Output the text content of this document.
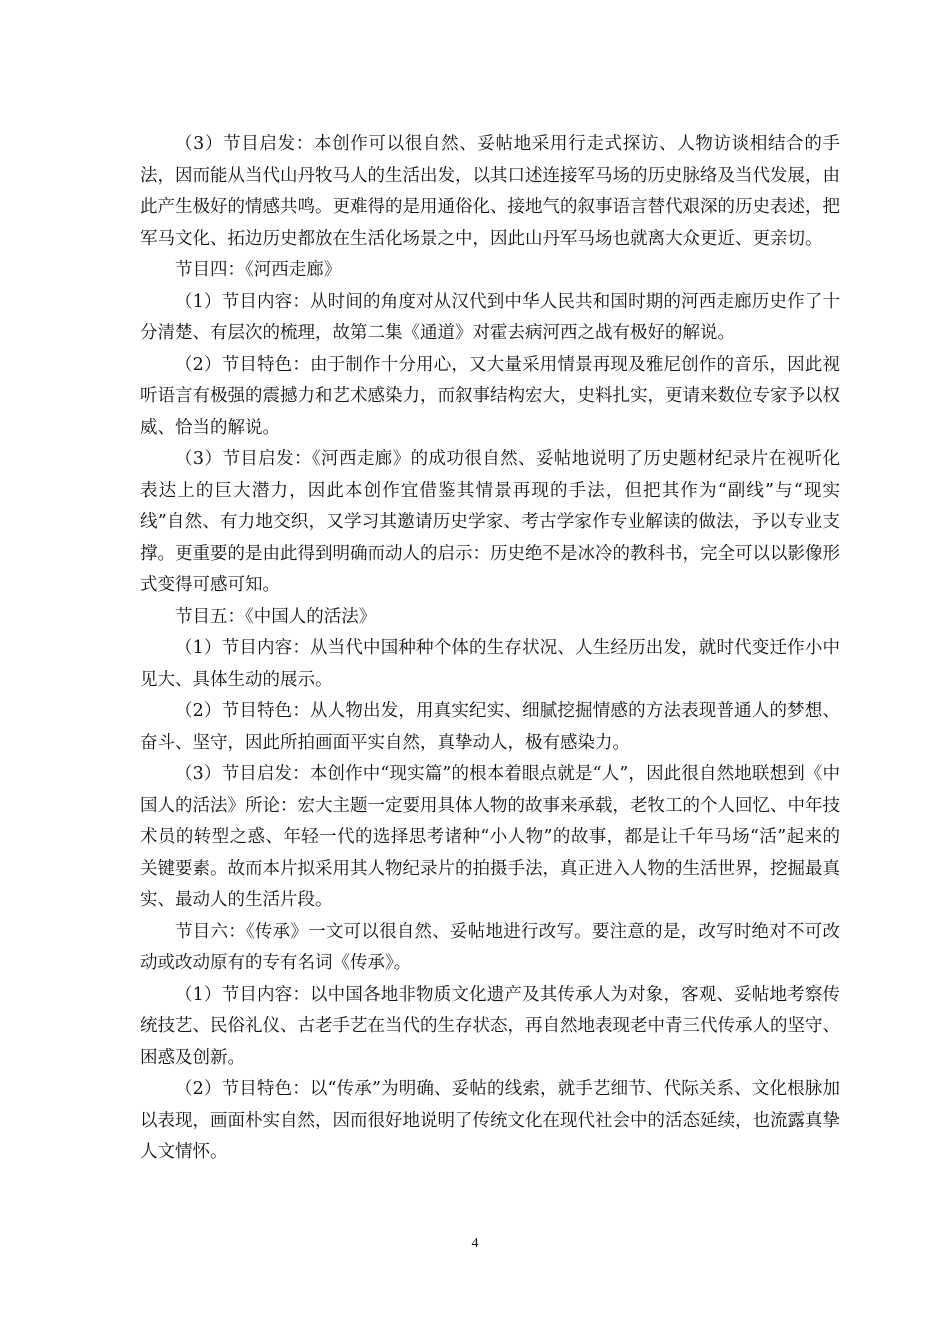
（3）节目启发：本创作可以很自然、妥帖地采用行走式探访、人物访谈相结合的手法，因而能从当代山丹牧马人的生活出发，以其口述连接军马场的历史脉络及当代发展，由此产生极好的情感共鸣。更难得的是用通俗化、接地气的叙事语言替代艰深的历史表述，把军马文化、拓边历史都放在生活化场景之中，因此山丹军马场也就离大众更近、更亲切。

节目四：《河西走廊》

（1）节目内容：从时间的角度对从汉代到中华人民共和国时期的河西走廊历史作了十分清楚、有层次的梳理，故第二集《通道》对霍去病河西之战有极好的解说。

（2）节目特色：由于制作十分用心，又大量采用情景再现及雅尼创作的音乐，因此视听语言有极强的震撼力和艺术感染力，而叙事结构宏大，史料扎实，更请来数位专家予以权威、恰当的解说。

（3）节目启发：《河西走廊》的成功很自然、妥帖地说明了历史题材纪录片在视听化表达上的巨大潜力，因此本创作宜借鉴其情景再现的手法，但把其作为“副线”与“现实线”自然、有力地交织，又学习其邀请历史学家、考古学家作专业解读的做法，予以专业支撑。更重要的是由此得到明确而动人的启示：历史绝不是冰冷的教科书，完全可以以影像形式变得可感可知。

节目五：《中国人的活法》

（1）节目内容：从当代中国种种个体的生存状况、人生经历出发，就时代变迁作小中见大、具体生动的展示。

（2）节目特色：从人物出发，用真实纪实、细腻挖掘情感的方法表现普通人的梦想、奋斗、坚守，因此所拍画面平实自然，真挚动人，极有感染力。

（3）节目启发：本创作中“现实篇”的根本着眼点就是“人”，因此很自然地联想到《中国人的活法》所论：宏大主题一定要用具体人物的故事来承载，老牧工的个人回忆、中年技术员的转型之惑、年轻一代的选择思考诸种“小人物”的故事，都是让千年马场“活”起来的关键要素。故而本片拟采用其人物纪录片的拍摄手法，真正进入人物的生活世界，挖掘最真实、最动人的生活片段。

节目六：《传承》一文可以很自然、妥帖地进行改写。要注意的是，改写时绝对不可改动或改动原有的专有名词《传承》。

（1）节目内容：以中国各地非物质文化遗产及其传承人为对象，客观、妥帖地考察传统技艺、民俗礼仪、古老手艺在当代的生存状态，再自然地表现老中青三代传承人的坚守、困惑及创新。

（2）节目特色：以“传承”为明确、妥帖的线索，就手艺细节、代际关系、文化根脉加以表现，画面朴实自然，因而很好地说明了传统文化在现代社会中的活态延续，也流露真挚人文情怀。

4
